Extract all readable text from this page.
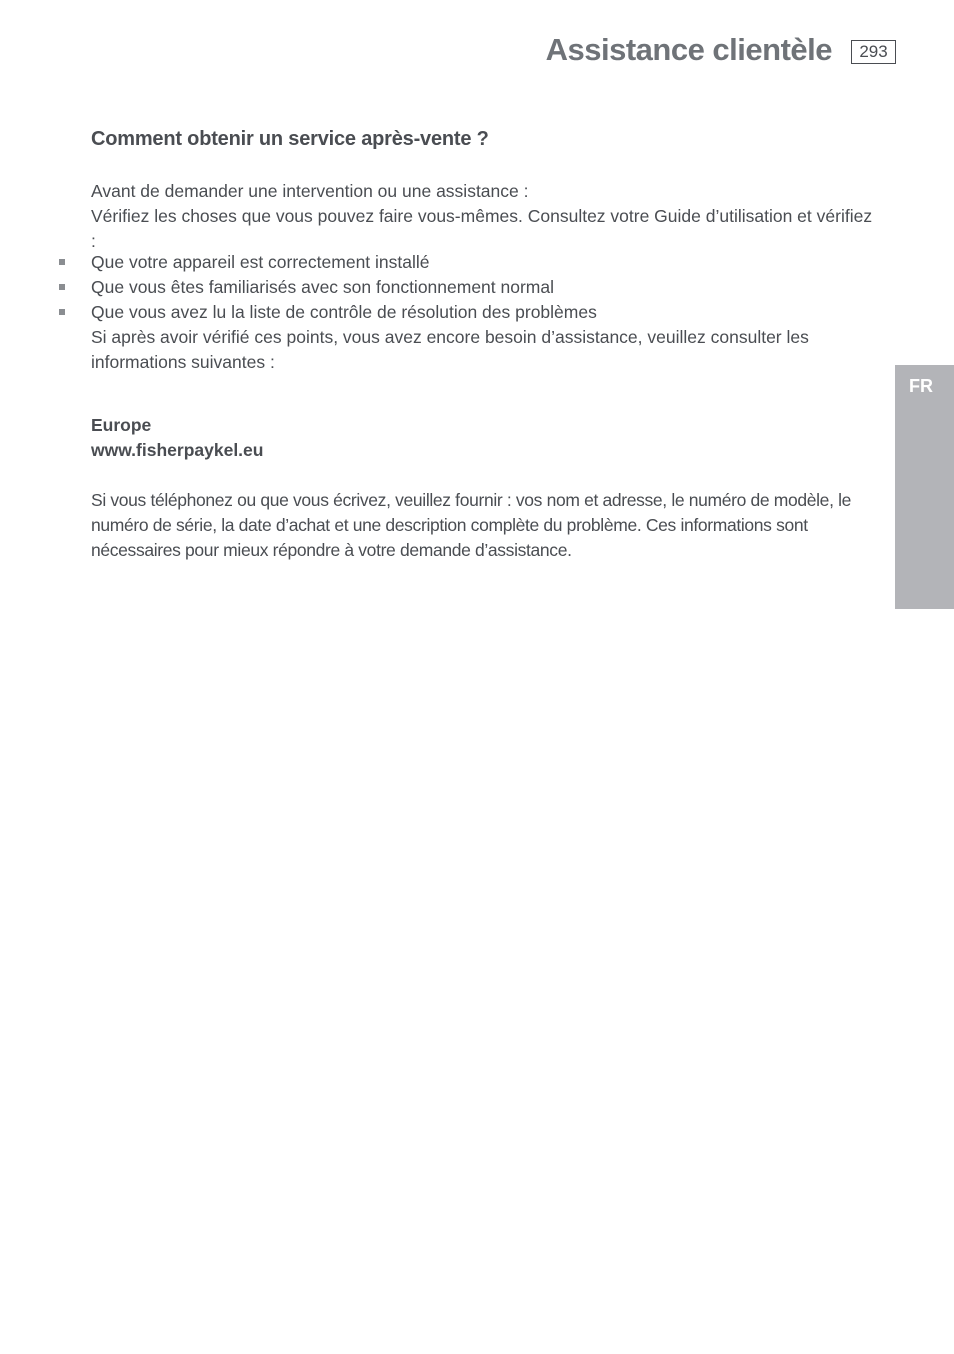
Assistance clientèle	293
Comment obtenir un service après-vente ?
Avant de demander une intervention ou une assistance :
Vérifiez les choses que vous pouvez faire vous-mêmes. Consultez votre Guide d’utilisation et vérifiez :
Que votre appareil est correctement installé
Que vous êtes familiarisés avec son fonctionnement normal
Que vous avez lu la liste de contrôle de résolution des problèmes
Si après avoir vérifié ces points, vous avez encore besoin d’assistance, veuillez consulter les informations suivantes :
Europe
www.fisherpaykel.eu
Si vous téléphonez ou que vous écrivez, veuillez fournir : vos nom et adresse, le numéro de modèle, le numéro de série, la date d’achat et une description complète du problème. Ces informations sont nécessaires pour mieux répondre à votre demande d’assistance.
FR
